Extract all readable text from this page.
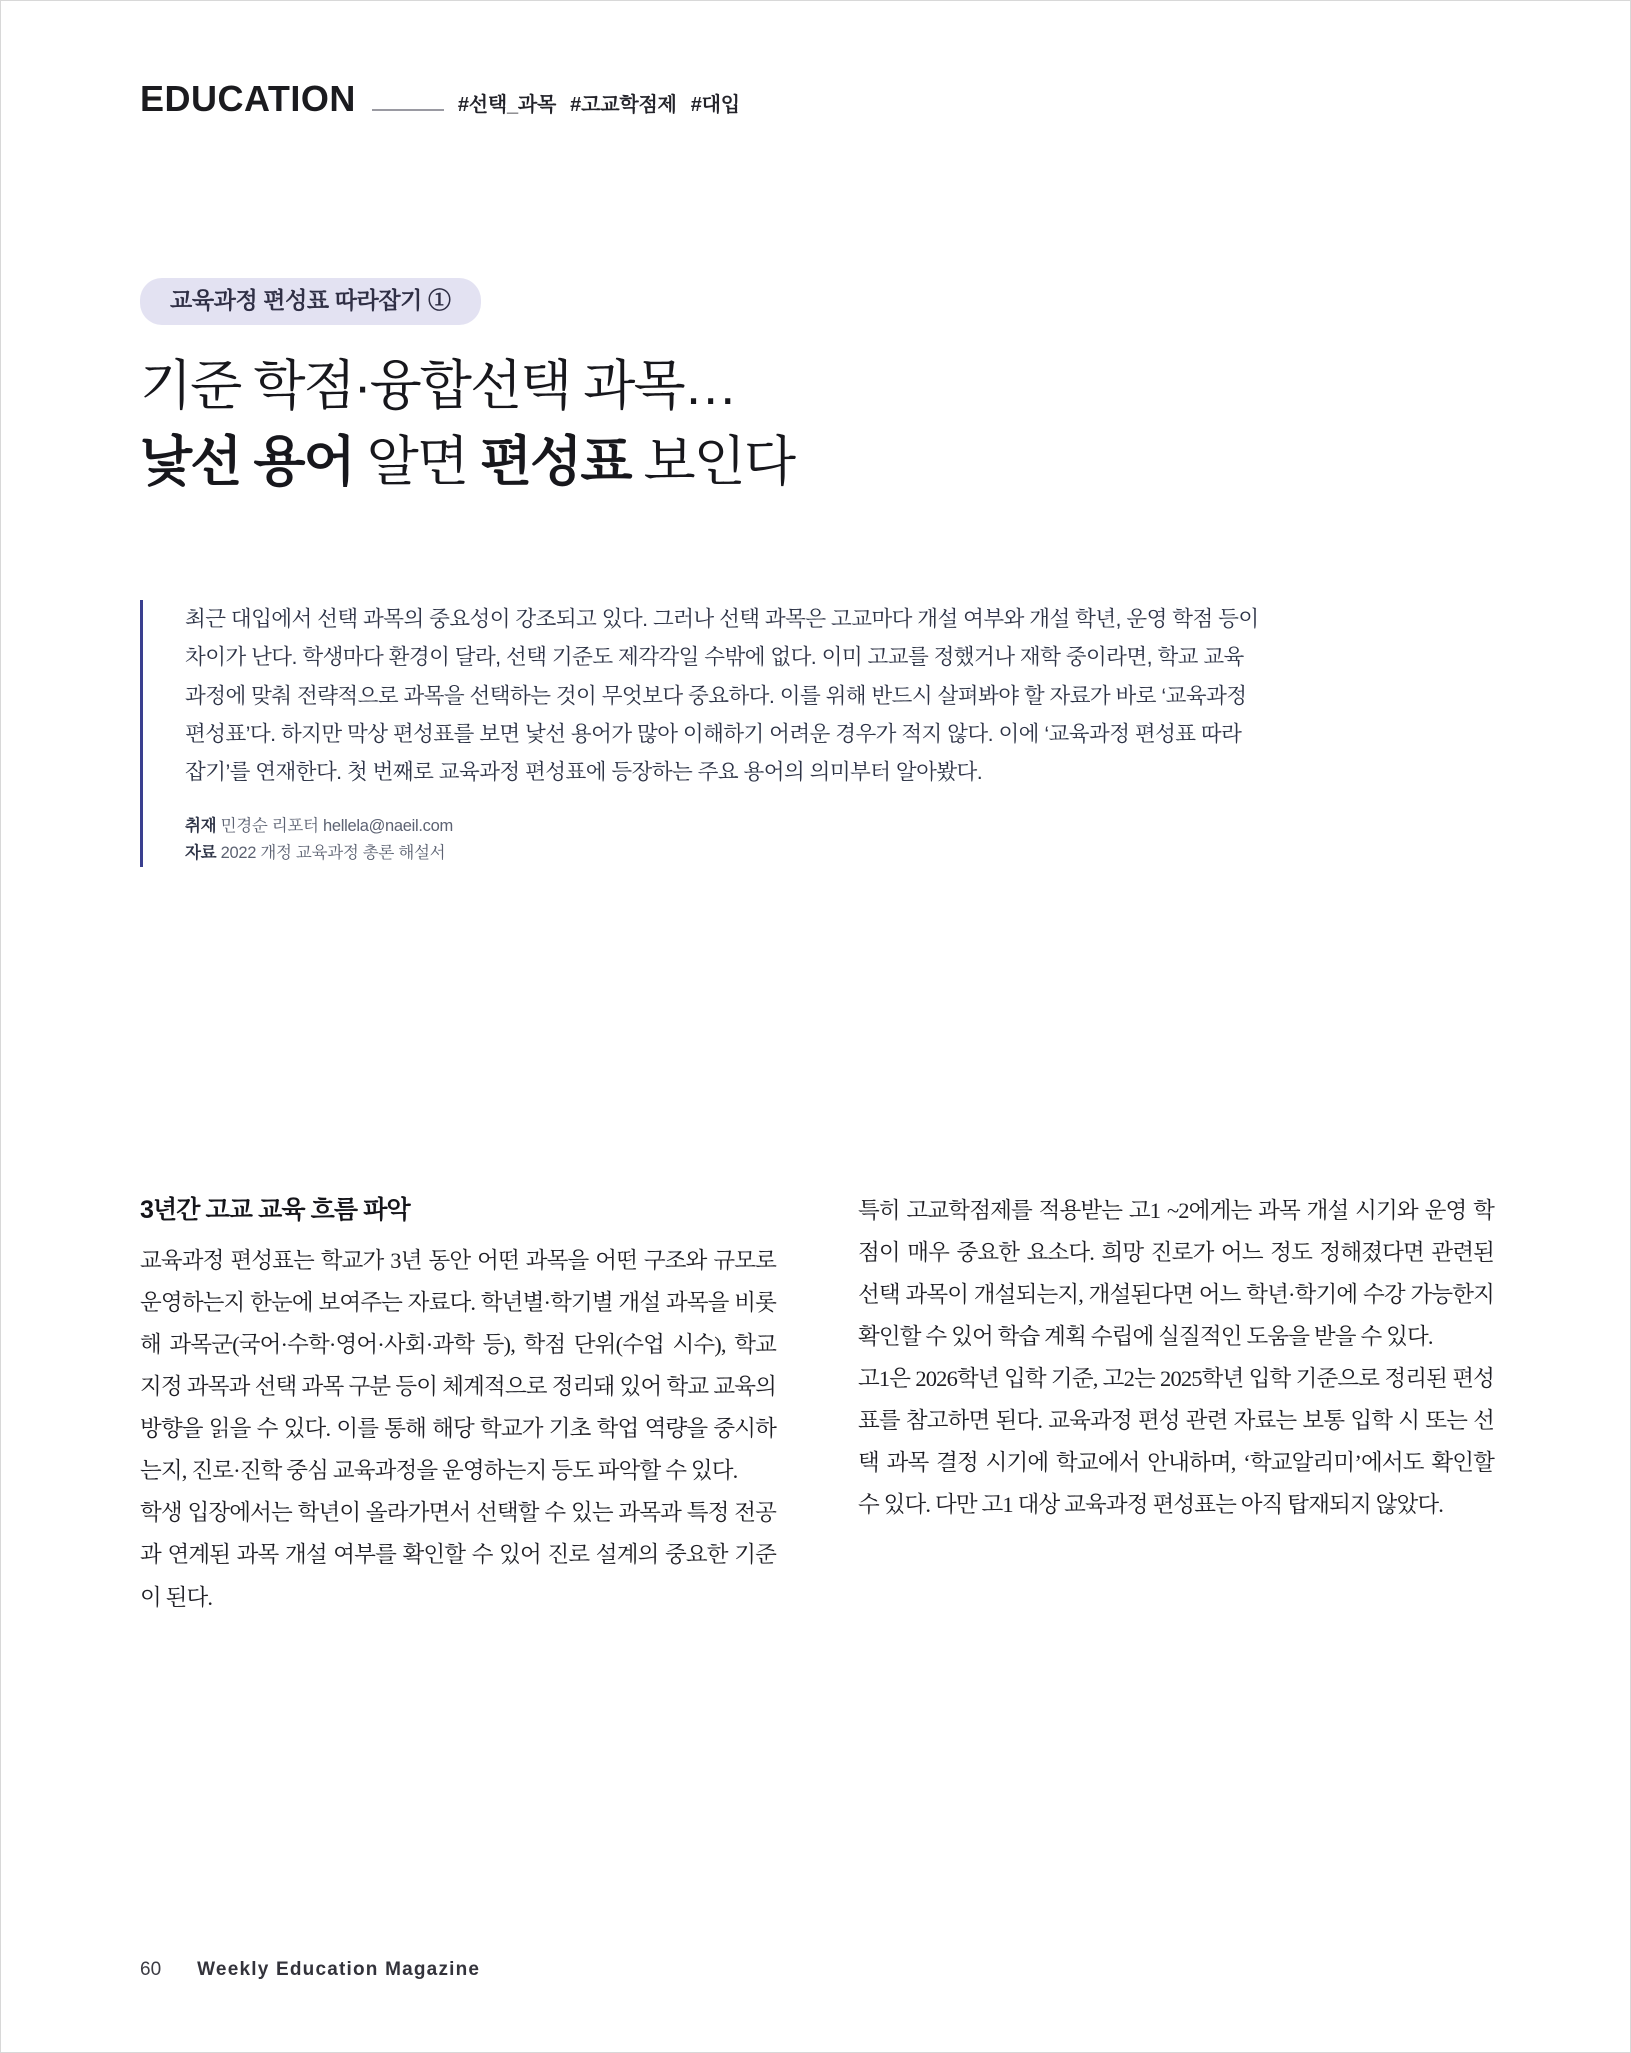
EDUCATION	#선택_과목 #고교학점제 #대입
교육과정 편성표 따라잡기 ①
기준 학점·융합선택 과목…
낯선 용어 알면 편성표 보인다
최근 대입에서 선택 과목의 중요성이 강조되고 있다. 그러나 선택 과목은 고교마다 개설 여부와 개설 학년, 운영 학점 등이 차이가 난다. 학생마다 환경이 달라, 선택 기준도 제각각일 수밖에 없다. 이미 고교를 정했거나 재학 중이라면, 학교 교육과정에 맞춰 전략적으로 과목을 선택하는 것이 무엇보다 중요하다. 이를 위해 반드시 살펴봐야 할 자료가 바로 ‘교육과정 편성표’다. 하지만 막상 편성표를 보면 낯선 용어가 많아 이해하기 어려운 경우가 적지 않다. 이에 ‘교육과정 편성표 따라잡기’를 연재한다. 첫 번째로 교육과정 편성표에 등장하는 주요 용어의 의미부터 알아봤다.
취재 민경순 리포터 hellela@naeil.com
자료 2022 개정 교육과정 총론 해설서
3년간 고교 교육 흐름 파악

교육과정 편성표는 학교가 3년 동안 어떤 과목을 어떤 구조와 규모로 운영하는지 한눈에 보여주는 자료다. 학년별·학기별 개설 과목을 비롯해 과목군(국어·수학·영어·사회·과학 등), 학점 단위(수업 시수), 학교 지정 과목과 선택 과목 구분 등이 체계적으로 정리돼 있어 학교 교육의 방향을 읽을 수 있다. 이를 통해 해당 학교가 기초 학업 역량을 중시하는지, 진로·진학 중심 교육과정을 운영하는지 등도 파악할 수 있다.

학생 입장에서는 학년이 올라가면서 선택할 수 있는 과목과 특정 전공과 연계된 과목 개설 여부를 확인할 수 있어 진로 설계의 중요한 기준이 된다.

특히 고교학점제를 적용받는 고1 ~2에게는 과목 개설 시기와 운영 학점이 매우 중요한 요소다. 희망 진로가 어느 정도 정해졌다면 관련된 선택 과목이 개설되는지, 개설된다면 어느 학년·학기에 수강 가능한지 확인할 수 있어 학습 계획 수립에 실질적인 도움을 받을 수 있다.

고1은 2026학년 입학 기준, 고2는 2025학년 입학 기준으로 정리된 편성표를 참고하면 된다. 교육과정 편성 관련 자료는 보통 입학 시 또는 선택 과목 결정 시기에 학교에서 안내하며, ‘학교알리미’에서도 확인할 수 있다. 다만 고1 대상 교육과정 편성표는 아직 탑재되지 않았다.

60 Weekly Education Magazine
